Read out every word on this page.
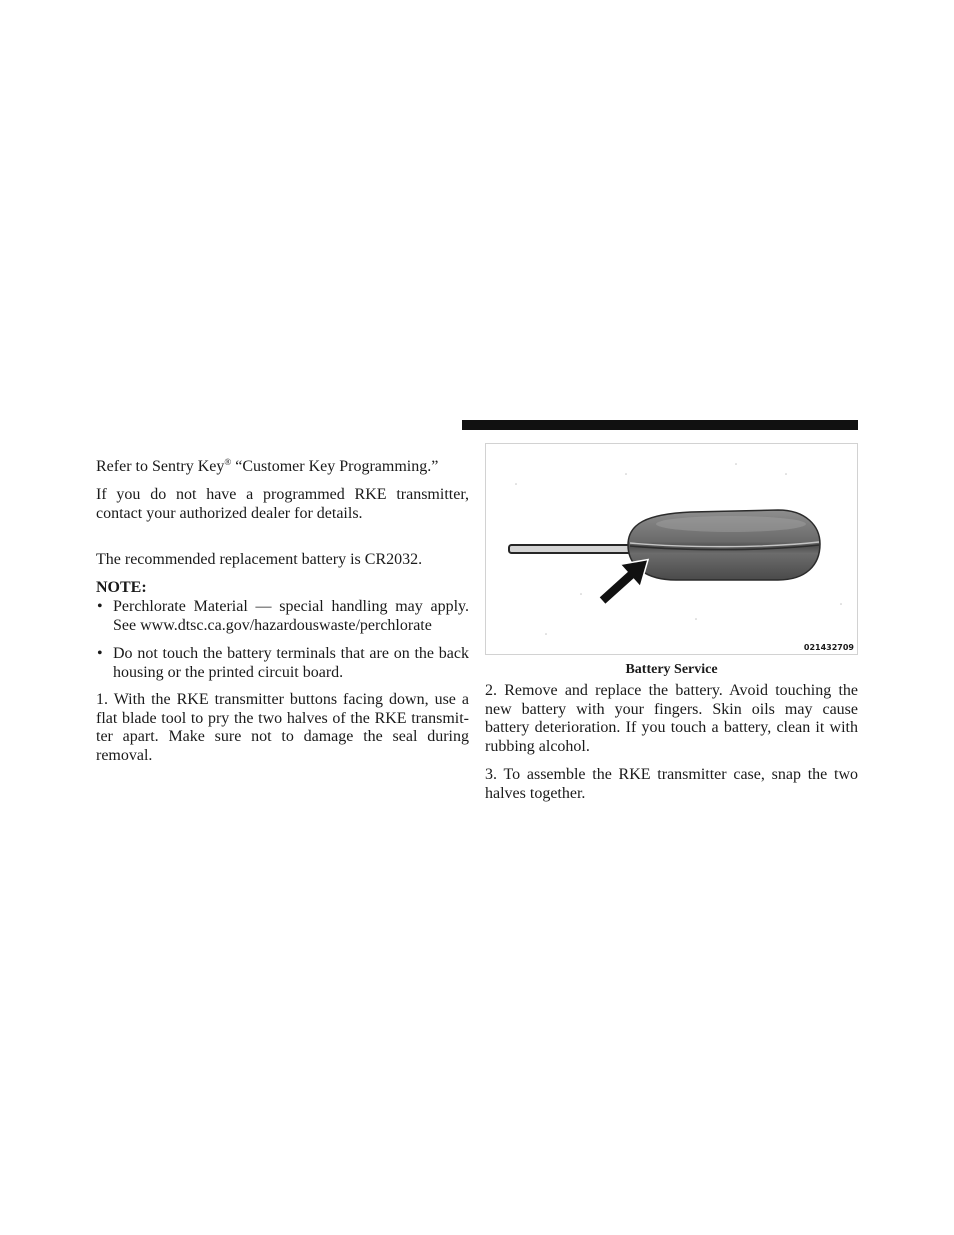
Refer to Sentry Key® “Customer Key Programming.”
If you do not have a programmed RKE transmitter,
contact your authorized dealer for details.
The recommended replacement battery is CR2032.
NOTE:
• Perchlorate Material — special handling may apply.
See www.dtsc.ca.gov/hazardouswaste/perchlorate
• Do not touch the battery terminals that are on the back
housing or the printed circuit board.
1. With the RKE transmitter buttons facing down, use a
flat blade tool to pry the two halves of the RKE transmit-
ter apart. Make sure not to damage the seal during
removal.
021432709
Battery Service
2. Remove and replace the battery. Avoid touching the
new battery with your fingers. Skin oils may cause
battery deterioration. If you touch a battery, clean it with
rubbing alcohol.
3. To assemble the RKE transmitter case, snap the two
halves together.
